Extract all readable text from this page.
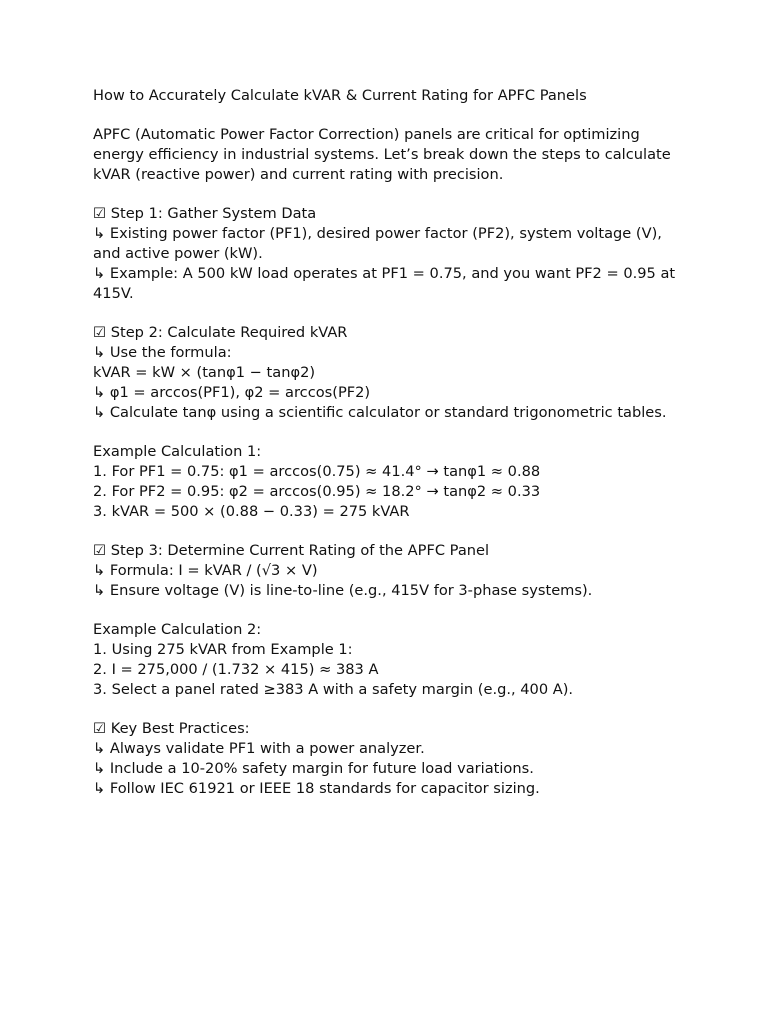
How to Accurately Calculate kVAR & Current Rating for APFC Panels
APFC (Automatic Power Factor Correction) panels are critical for optimizing energy efficiency in industrial systems. Let’s break down the steps to calculate kVAR (reactive power) and current rating with precision.
☑ Step 1: Gather System Data
↳ Existing power factor (PF1), desired power factor (PF2), system voltage (V), and active power (kW).
↳ Example: A 500 kW load operates at PF1 = 0.75, and you want PF2 = 0.95 at 415V.
☑ Step 2: Calculate Required kVAR
↳ Use the formula:
kVAR = kW × (tanφ1 − tanφ2)
↳ φ1 = arccos(PF1), φ2 = arccos(PF2)
↳ Calculate tanφ using a scientific calculator or standard trigonometric tables.
Example Calculation 1:
1. For PF1 = 0.75: φ1 = arccos(0.75) ≈ 41.4° → tanφ1 ≈ 0.88
2. For PF2 = 0.95: φ2 = arccos(0.95) ≈ 18.2° → tanφ2 ≈ 0.33
3. kVAR = 500 × (0.88 − 0.33) = 275 kVAR
☑ Step 3: Determine Current Rating of the APFC Panel
↳ Formula: I = kVAR / (√3 × V)
↳ Ensure voltage (V) is line-to-line (e.g., 415V for 3-phase systems).
Example Calculation 2:
1. Using 275 kVAR from Example 1:
2. I = 275,000 / (1.732 × 415) ≈ 383 A
3. Select a panel rated ≥383 A with a safety margin (e.g., 400 A).
☑ Key Best Practices:
↳ Always validate PF1 with a power analyzer.
↳ Include a 10-20% safety margin for future load variations.
↳ Follow IEC 61921 or IEEE 18 standards for capacitor sizing.
